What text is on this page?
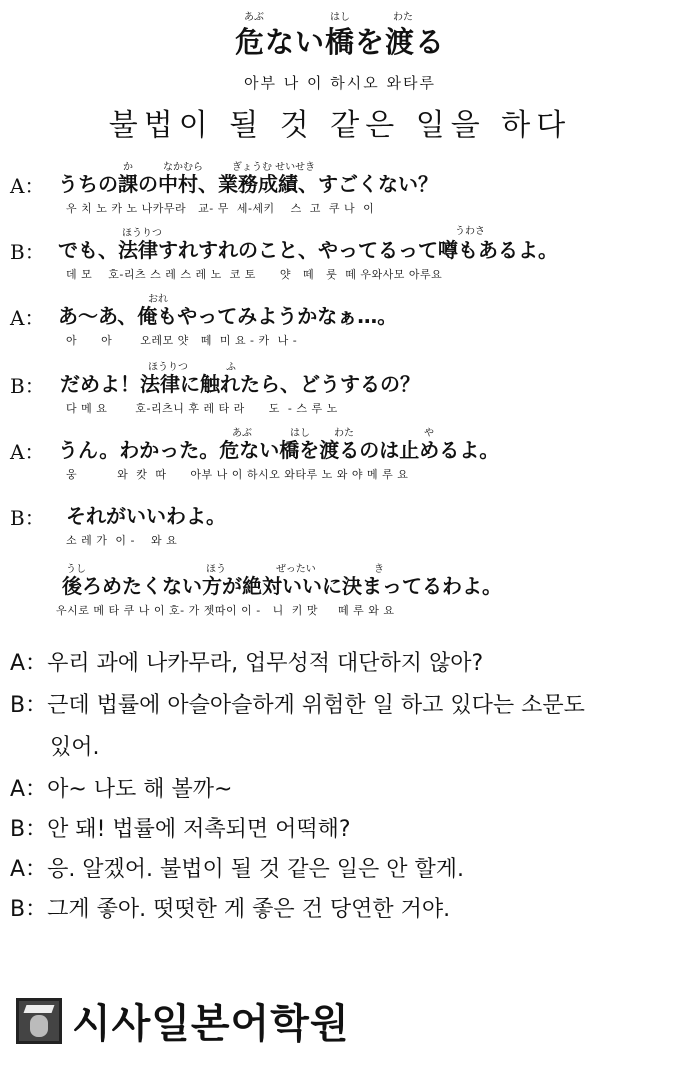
あぶ	はし	わた
危ない橋を渡る
아부 나 이 하시오 와타루
불법이 될 것 같은 일을 하다
か	なかむら	ぎょうむ せいせき
A： うちの課の中村、業務成績、すごくない？
우 치 노 카 노 나카무라   교- 무  세-세키    스  고  쿠 나  이
ほうりつ	うわさ
B： でも、法律すれすれのこと、やってるって噂もあるよ。
데 모    호-리츠 스 레 스 레 노  코 토      얏   떼   룻  떼 우와사모 아루요
おれ
A： あ～あ、俺もやってみようかなぁ…。
아      아       오레모 얏   떼  미 요 - 카  나 -
ほうりつ	ふ
B： だめよ！法律に触れたら、どうするの？
다 메 요       호-리츠니 후 레 타 라      도  - 스 루 노
あぶ	はし わた	や
A： うん。わかった。危ない橋を渡るのは止めるよ。
웅          와  캇  따      아부 나 이 하시오 와타루 노 와 야 메 루 요
B： それがいいわよ。
소 레 가  이 -    와 요
うし	ほう	ぜったい	き
後ろめたくない方が絶対いいに決まってるわよ。
우시로 메 타 쿠 나 이 호- 가 젯따이 이 -   니  키 맛     떼 루 와 요
A：우리 과에 나카무라, 업무성적 대단하지 않아?
B：근데 법률에 아슬아슬하게 위험한 일 하고 있다는 소문도
있어.
A：아~ 나도 해 볼까~
B：안 돼! 법률에 저촉되면 어떡해?
A：응. 알겠어. 불법이 될 것 같은 일은 안 할게.
B：그게 좋아. 떳떳한 게 좋은 건 당연한 거야.
시사일본어학원
